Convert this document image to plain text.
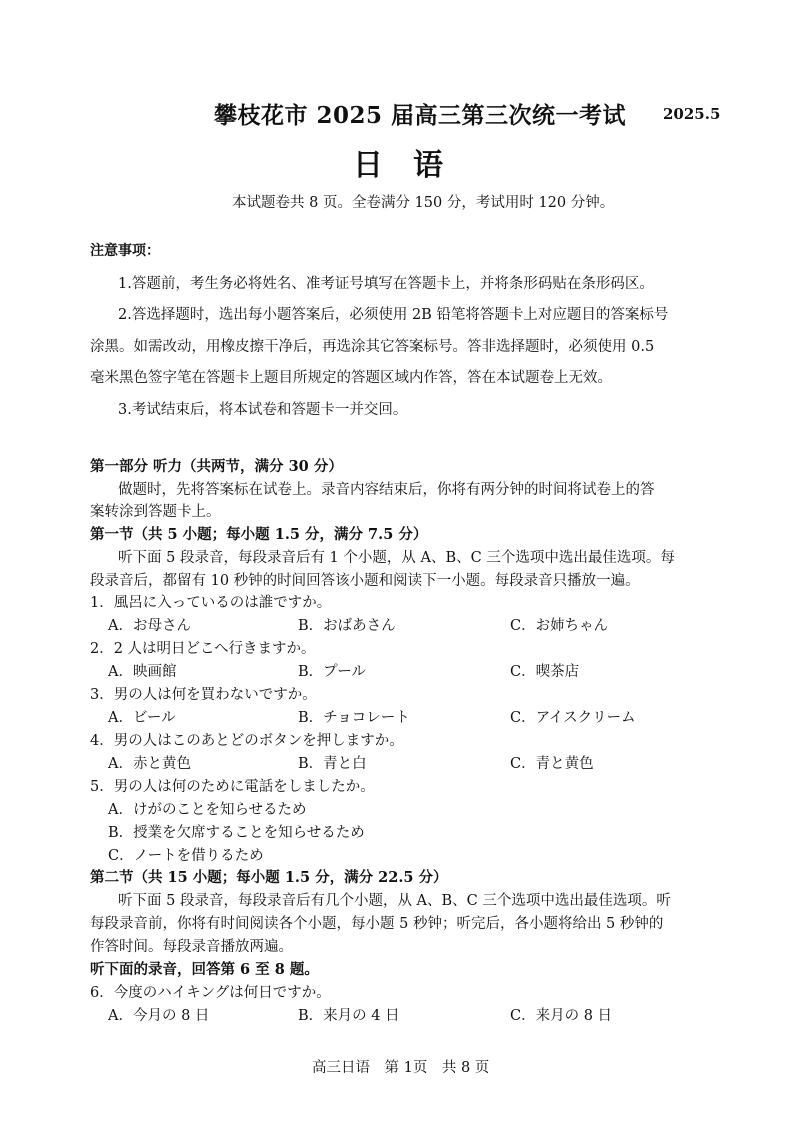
攀枝花市 2025 届高三第三次统一考试 2025.5
日语
本试题卷共 8 页。全卷满分 150 分，考试用时 120 分钟。
注意事项：
1.答题前，考生务必将姓名、准考证号填写在答题卡上，并将条形码贴在条形码区。
2.答选择题时，选出每小题答案后，必须使用 2B 铅笔将答题卡上对应题目的答案标号
涂黑。如需改动，用橡皮擦干净后，再选涂其它答案标号。答非选择题时，必须使用 0.5
毫米黑色签字笔在答题卡上题目所规定的答题区域内作答，答在本试题卷上无效。
3.考试结束后，将本试卷和答题卡一并交回。
第一部分 听力（共两节，满分 30 分）
做题时，先将答案标在试卷上。录音内容结束后，你将有两分钟的时间将试卷上的答
案转涂到答题卡上。
第一节（共 5 小题；每小题 1.5 分，满分 7.5 分）
听下面 5 段录音，每段录音后有 1 个小题，从 A、B、C 三个选项中选出最佳选项。每
段录音后，都留有 10 秒钟的时间回答该小题和阅读下一小题。每段录音只播放一遍。
1．風呂に入っているのは誰ですか。
A．お母さん	B．おばあさん	C．お姉ちゃん
2．2 人は明日どこへ行きますか。
A．映画館	B．プール	C．喫茶店
3．男の人は何を買わないですか。
A．ビール	B．チョコレート	C．アイスクリーム
4．男の人はこのあとどのボタンを押しますか。
A．赤と黄色	B．青と白	C．青と黄色
5．男の人は何のために電話をしましたか。
A．けがのことを知らせるため
B．授業を欠席することを知らせるため
C．ノートを借りるため
第二节（共 15 小题；每小题 1.5 分，满分 22.5 分）
听下面 5 段录音，每段录音后有几个小题，从 A、B、C 三个选项中选出最佳选项。听
每段录音前，你将有时间阅读各个小题，每小题 5 秒钟；听完后，各小题将给出 5 秒钟的
作答时间。每段录音播放两遍。
听下面的录音，回答第 6 至 8 题。
6．今度のハイキングは何日ですか。
A．今月の 8 日	B．来月の 4 日	C．来月の 8 日
高三日语　第 1页　共 8 页
